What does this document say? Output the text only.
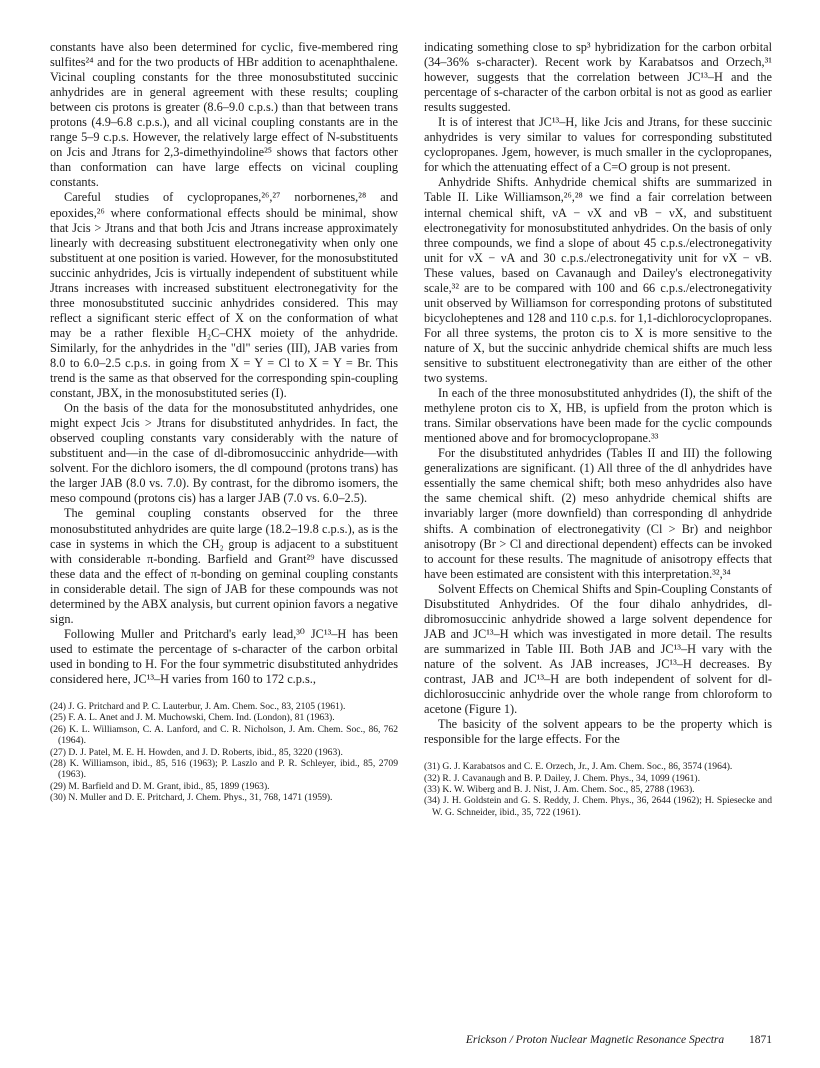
constants have also been determined for cyclic, five-membered ring sulfites²⁴ and for the two products of HBr addition to acenaphthalene. Vicinal coupling constants for the three monosubstituted succinic anhydrides are in general agreement with these results; coupling between cis protons is greater (8.6–9.0 c.p.s.) than that between trans protons (4.9–6.8 c.p.s.), and all vicinal coupling constants are in the range 5–9 c.p.s. However, the relatively large effect of N-substituents on Jcis and Jtrans for 2,3-dimethyindoline²⁵ shows that factors other than conformation can have large effects on vicinal coupling constants.

Careful studies of cyclopropanes,²⁶,²⁷ norbornenes,²⁸ and epoxides,²⁶ where conformational effects should be minimal, show that Jcis > Jtrans and that both Jcis and Jtrans increase approximately linearly with decreasing substituent electronegativity when only one substituent at one position is varied. However, for the monosubstituted succinic anhydrides, Jcis is virtually independent of substituent while Jtrans increases with increased substituent electronegativity for the three monosubstituted succinic anhydrides considered. This may reflect a significant steric effect of X on the conformation of what may be a rather flexible H₂C–CHX moiety of the anhydride. Similarly, for the anhydrides in the "dl" series (III), JAB varies from 8.0 to 6.0–2.5 c.p.s. in going from X = Y = Cl to X = Y = Br. This trend is the same as that observed for the corresponding spin-coupling constant, JBX, in the monosubstituted series (I).

On the basis of the data for the monosubstituted anhydrides, one might expect Jcis > Jtrans for disubstituted anhydrides. In fact, the observed coupling constants vary considerably with the nature of substituent and—in the case of dl-dibromosuccinic anhydride—with solvent. For the dichloro isomers, the dl compound (protons trans) has the larger JAB (8.0 vs. 7.0). By contrast, for the dibromo isomers, the meso compound (protons cis) has a larger JAB (7.0 vs. 6.0–2.5).

The geminal coupling constants observed for the three monosubstituted anhydrides are quite large (18.2–19.8 c.p.s.), as is the case in systems in which the CH₂ group is adjacent to a substituent with considerable π-bonding. Barfield and Grant²⁹ have discussed these data and the effect of π-bonding on geminal coupling constants in considerable detail. The sign of JAB for these compounds was not determined by the ABX analysis, but current opinion favors a negative sign.

Following Muller and Pritchard's early lead,³⁰ JC¹³–H has been used to estimate the percentage of s-character of the carbon orbital used in bonding to H. For the four symmetric disubstituted anhydrides considered here, JC¹³–H varies from 160 to 172 c.p.s.,

(24) J. G. Pritchard and P. C. Lauterbur, J. Am. Chem. Soc., 83, 2105 (1961).

(25) F. A. L. Anet and J. M. Muchowski, Chem. Ind. (London), 81 (1963).

(26) K. L. Williamson, C. A. Lanford, and C. R. Nicholson, J. Am. Chem. Soc., 86, 762 (1964).

(27) D. J. Patel, M. E. H. Howden, and J. D. Roberts, ibid., 85, 3220 (1963).

(28) K. Williamson, ibid., 85, 516 (1963); P. Laszlo and P. R. Schleyer, ibid., 85, 2709 (1963).

(29) M. Barfield and D. M. Grant, ibid., 85, 1899 (1963).

(30) N. Muller and D. E. Pritchard, J. Chem. Phys., 31, 768, 1471 (1959).

indicating something close to sp³ hybridization for the carbon orbital (34–36% s-character). Recent work by Karabatsos and Orzech,³¹ however, suggests that the correlation between JC¹³–H and the percentage of s-character of the carbon orbital is not as good as earlier results suggested.

It is of interest that JC¹³–H, like Jcis and Jtrans, for these succinic anhydrides is very similar to values for corresponding substituted cyclopropanes. Jgem, however, is much smaller in the cyclopropanes, for which the attenuating effect of a C=O group is not present.

Anhydride Shifts. Anhydride chemical shifts are summarized in Table II. Like Williamson,²⁶,²⁸ we find a fair correlation between internal chemical shift, νA − νX and νB − νX, and substituent electronegativity for monosubstituted anhydrides. On the basis of only three compounds, we find a slope of about 45 c.p.s./electronegativity unit for νX − νA and 30 c.p.s./electronegativity unit for νX − νB. These values, based on Cavanaugh and Dailey's electronegativity scale,³² are to be compared with 100 and 66 c.p.s./electronegativity unit observed by Williamson for corresponding protons of substituted bicycloheptenes and 128 and 110 c.p.s. for 1,1-dichlorocyclopropanes. For all three systems, the proton cis to X is more sensitive to the nature of X, but the succinic anhydride chemical shifts are much less sensitive to substituent electronegativity than are either of the other two systems.

In each of the three monosubstituted anhydrides (I), the shift of the methylene proton cis to X, HB, is upfield from the proton which is trans. Similar observations have been made for the cyclic compounds mentioned above and for bromocyclopropane.³³

For the disubstituted anhydrides (Tables II and III) the following generalizations are significant. (1) All three of the dl anhydrides have essentially the same chemical shift; both meso anhydrides also have the same chemical shift. (2) meso anhydride chemical shifts are invariably larger (more downfield) than corresponding dl anhydride shifts. A combination of electronegativity (Cl > Br) and neighbor anisotropy (Br > Cl and directional dependent) effects can be invoked to account for these results. The magnitude of anisotropy effects that have been estimated are consistent with this interpretation.³²,³⁴

Solvent Effects on Chemical Shifts and Spin-Coupling Constants of Disubstituted Anhydrides. Of the four dihalo anhydrides, dl-dibromosuccinic anhydride showed a large solvent dependence for JAB and JC¹³–H which was investigated in more detail. The results are summarized in Table III. Both JAB and JC¹³–H vary with the nature of the solvent. As JAB increases, JC¹³–H decreases. By contrast, JAB and JC¹³–H are both independent of solvent for dl-dichlorosuccinic anhydride over the whole range from chloroform to acetone (Figure 1).

The basicity of the solvent appears to be the property which is responsible for the large effects. For the

(31) G. J. Karabatsos and C. E. Orzech, Jr., J. Am. Chem. Soc., 86, 3574 (1964).

(32) R. J. Cavanaugh and B. P. Dailey, J. Chem. Phys., 34, 1099 (1961).

(33) K. W. Wiberg and B. J. Nist, J. Am. Chem. Soc., 85, 2788 (1963).

(34) J. H. Goldstein and G. S. Reddy, J. Chem. Phys., 36, 2644 (1962); H. Spiesecke and W. G. Schneider, ibid., 35, 722 (1961).

Erickson / Proton Nuclear Magnetic Resonance Spectra 1871
